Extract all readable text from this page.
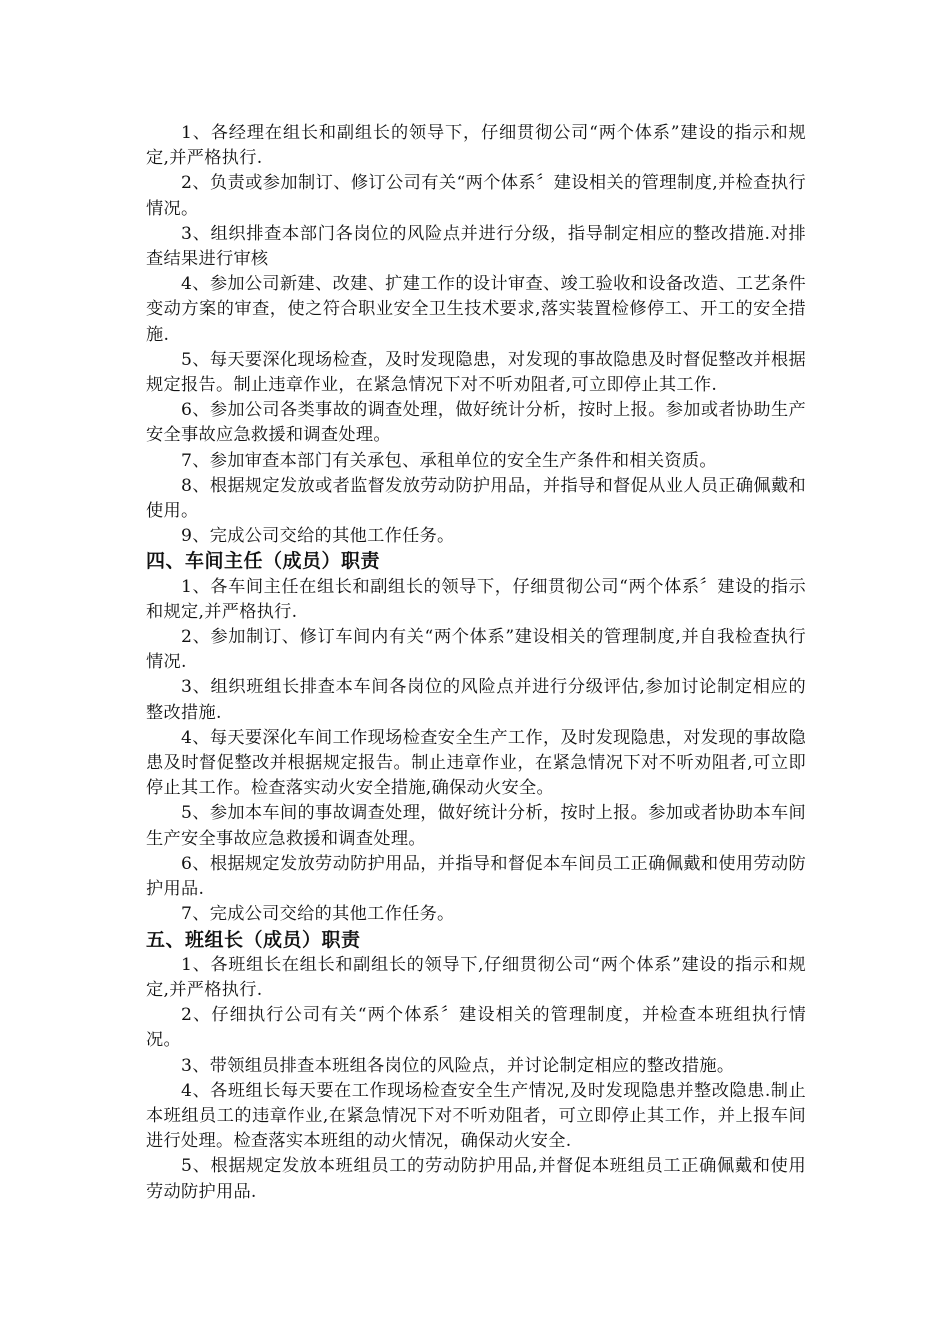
1、各经理在组长和副组长的领导下，仔细贯彻公司“两个体系”建设的指示和规定,并严格执行.

2、负责或参加制订、修订公司有关“两个体系〞建设相关的管理制度,并检查执行情况。

3、组织排查本部门各岗位的风险点并进行分级，指导制定相应的整改措施.对排查结果进行审核

4、参加公司新建、改建、扩建工作的设计审查、竣工验收和设备改造、工艺条件变动方案的审查，使之符合职业安全卫生技术要求,落实装置检修停工、开工的安全措施.

5、每天要深化现场检查，及时发现隐患，对发现的事故隐患及时督促整改并根据规定报告。制止违章作业，在紧急情况下对不听劝阻者,可立即停止其工作.

6、参加公司各类事故的调查处理，做好统计分析，按时上报。参加或者协助生产安全事故应急救援和调查处理。

7、参加审查本部门有关承包、承租单位的安全生产条件和相关资质。

8、根据规定发放或者监督发放劳动防护用品，并指导和督促从业人员正确佩戴和使用。

9、完成公司交给的其他工作任务。

四、车间主任（成员）职责

1、各车间主任在组长和副组长的领导下，仔细贯彻公司“两个体系〞建设的指示和规定,并严格执行.

2、参加制订、修订车间内有关“两个体系”建设相关的管理制度,并自我检查执行情况.

3、组织班组长排查本车间各岗位的风险点并进行分级评估,参加讨论制定相应的整改措施.

4、每天要深化车间工作现场检查安全生产工作，及时发现隐患，对发现的事故隐患及时督促整改并根据规定报告。制止违章作业，在紧急情况下对不听劝阻者,可立即停止其工作。检查落实动火安全措施,确保动火安全。

5、参加本车间的事故调查处理，做好统计分析，按时上报。参加或者协助本车间生产安全事故应急救援和调查处理。

6、根据规定发放劳动防护用品，并指导和督促本车间员工正确佩戴和使用劳动防护用品.

7、完成公司交给的其他工作任务。

五、班组长（成员）职责

1、各班组长在组长和副组长的领导下,仔细贯彻公司“两个体系”建设的指示和规定,并严格执行.

2、仔细执行公司有关“两个体系〞建设相关的管理制度，并检查本班组执行情况。

3、带领组员排查本班组各岗位的风险点，并讨论制定相应的整改措施。

4、各班组长每天要在工作现场检查安全生产情况,及时发现隐患并整改隐患.制止本班组员工的违章作业,在紧急情况下对不听劝阻者，可立即停止其工作，并上报车间进行处理。检查落实本班组的动火情况，确保动火安全.

5、根据规定发放本班组员工的劳动防护用品,并督促本班组员工正确佩戴和使用劳动防护用品.
